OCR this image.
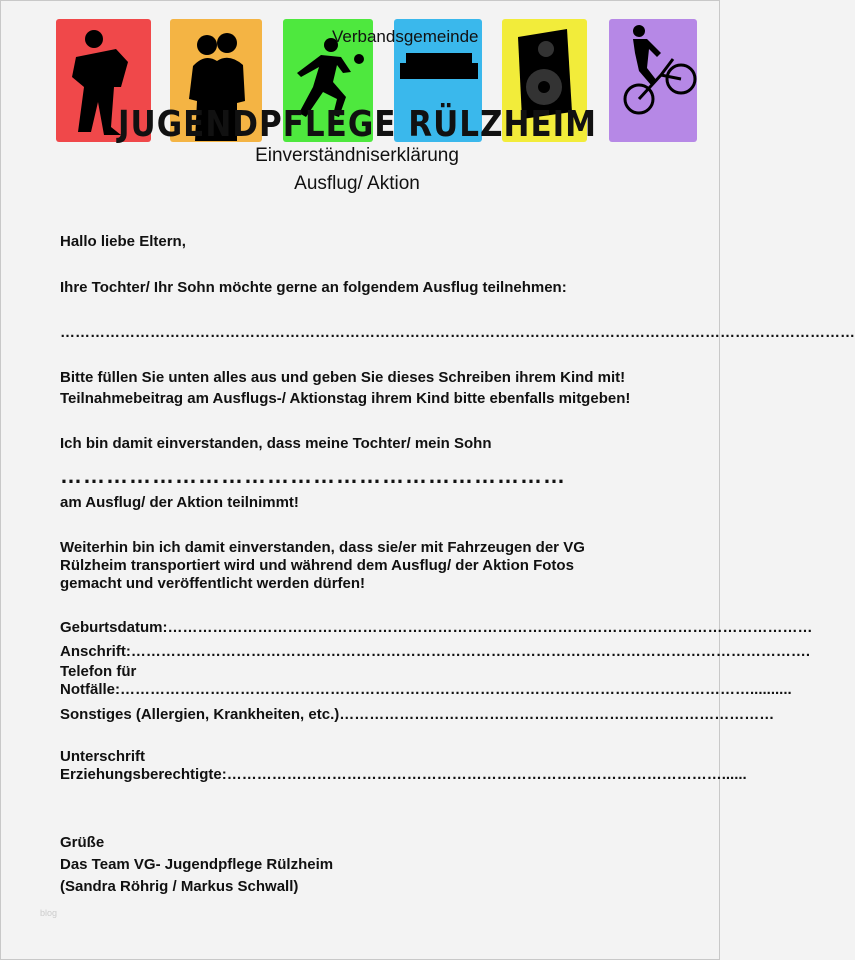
Verbandsgemeinde
JUGENDPFLEGE RÜLZHEIM
Einverständniserklärung
Ausflug/ Aktion
Hallo liebe Eltern,
Ihre Tochter/ Ihr Sohn möchte gerne an folgendem Ausflug teilnehmen:
……………………………………………………………………………………………………………………………………………
Bitte füllen Sie unten alles aus und geben Sie dieses Schreiben ihrem Kind mit!
Teilnahmebeitrag am Ausflugs-/ Aktionstag ihrem Kind bitte ebenfalls mitgeben!
Ich bin damit einverstanden, dass meine Tochter/ mein Sohn
…………………………………………………………
am Ausflug/ der Aktion teilnimmt!
Weiterhin bin ich damit einverstanden, dass sie/er mit Fahrzeugen der VG
Rülzheim transportiert wird und während dem Ausflug/ der Aktion Fotos
gemacht und veröffentlicht werden dürfen!
Geburtsdatum:…………………………………………………………………………………………………………………
Anschrift:……………………………………………………………………………………………………………………….
Telefon für
Notfälle:………………………………………………………………………………………………………………..........
Sonstiges (Allergien, Krankheiten, etc.)……………………………………………………………………………
Unterschrift
Erziehungsberechtigte:………………………………………………………………………………………......
Grüße
Das Team VG- Jugendpflege Rülzheim
(Sandra Röhrig / Markus Schwall)
blog
